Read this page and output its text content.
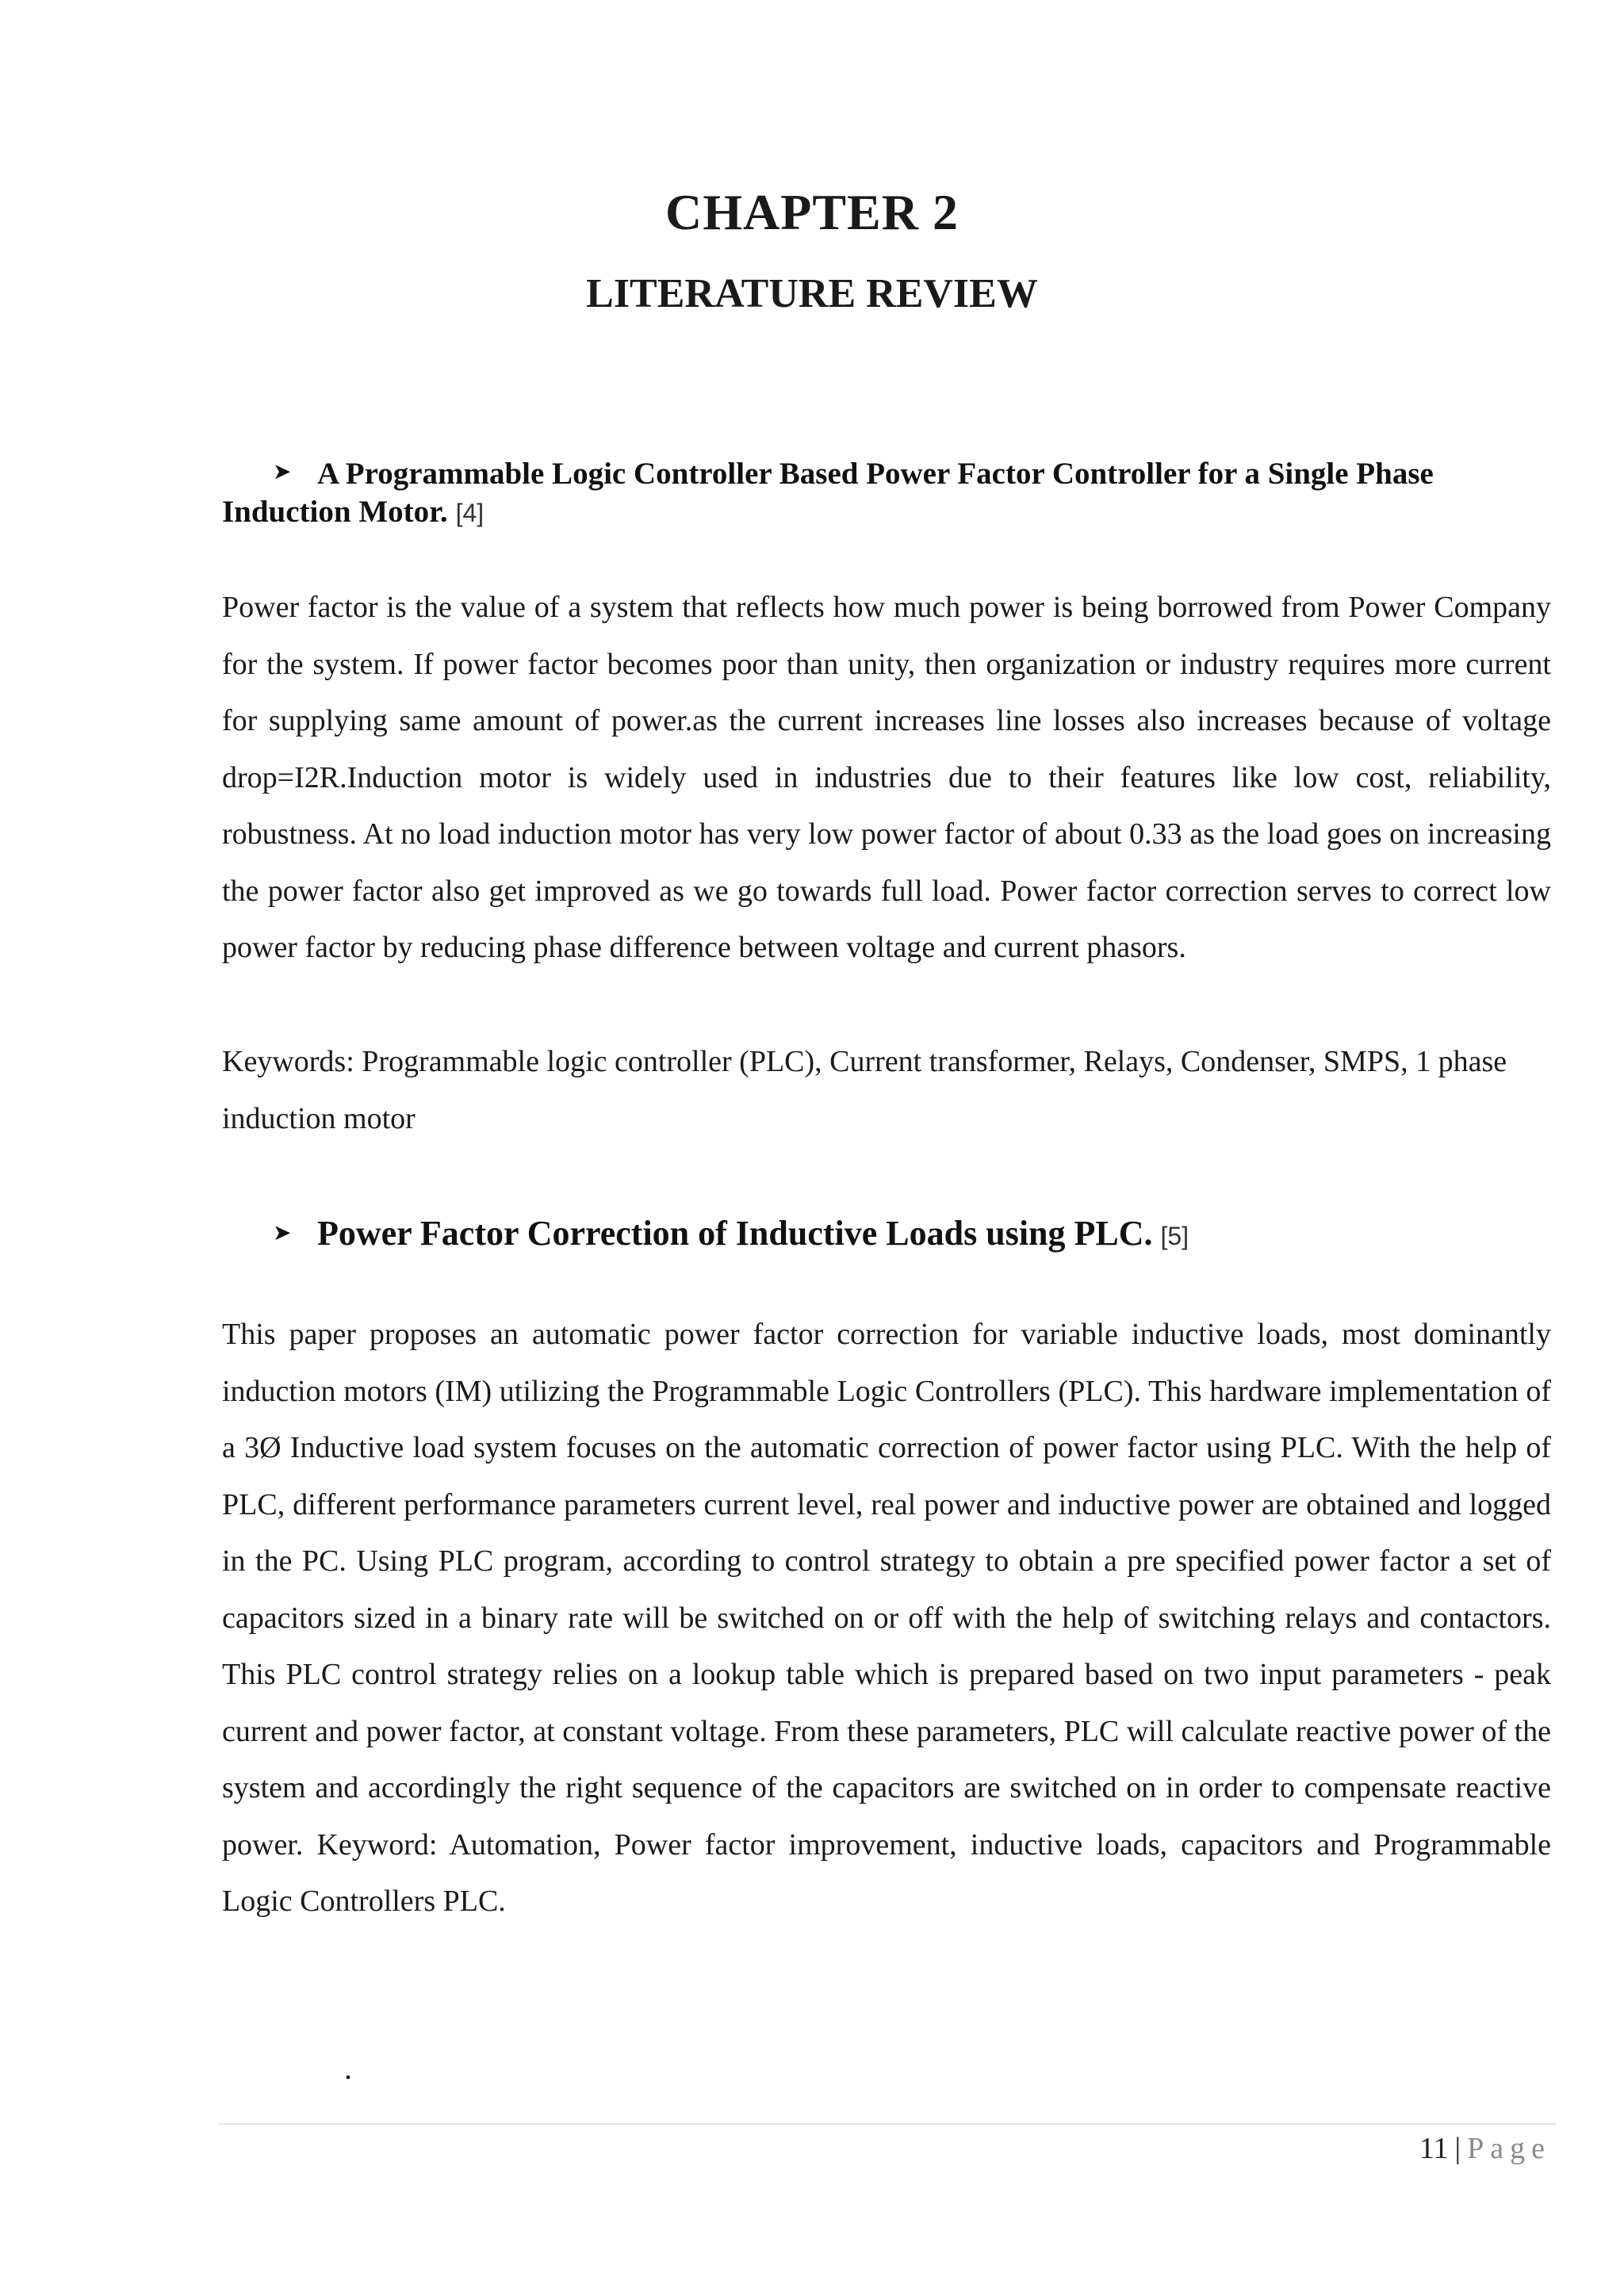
CHAPTER 2
LITERATURE REVIEW
➤ A Programmable Logic Controller Based Power Factor Controller for a Single Phase Induction Motor. [4]

Power factor is the value of a system that reflects how much power is being borrowed from Power Company for the system. If power factor becomes poor than unity, then organization or industry requires more current for supplying same amount of power.as the current increases line losses also increases because of voltage drop=I2R.Induction motor is widely used in industries due to their features like low cost, reliability, robustness. At no load induction motor has very low power factor of about 0.33 as the load goes on increasing the power factor also get improved as we go towards full load. Power factor correction serves to correct low power factor by reducing phase difference between voltage and current phasors.

Keywords: Programmable logic controller (PLC), Current transformer, Relays, Condenser, SMPS, 1 phase induction motor

➤ Power Factor Correction of Inductive Loads using PLC. [5]

This paper proposes an automatic power factor correction for variable inductive loads, most dominantly induction motors (IM) utilizing the Programmable Logic Controllers (PLC). This hardware implementation of a 3Ø Inductive load system focuses on the automatic correction of power factor using PLC. With the help of PLC, different performance parameters current level, real power and inductive power are obtained and logged in the PC. Using PLC program, according to control strategy to obtain a pre specified power factor a set of capacitors sized in a binary rate will be switched on or off with the help of switching relays and contactors. This PLC control strategy relies on a lookup table which is prepared based on two input parameters - peak current and power factor, at constant voltage. From these parameters, PLC will calculate reactive power of the system and accordingly the right sequence of the capacitors are switched on in order to compensate reactive power. Keyword: Automation, Power factor improvement, inductive loads, capacitors and Programmable Logic Controllers PLC.

.
11 | Page
